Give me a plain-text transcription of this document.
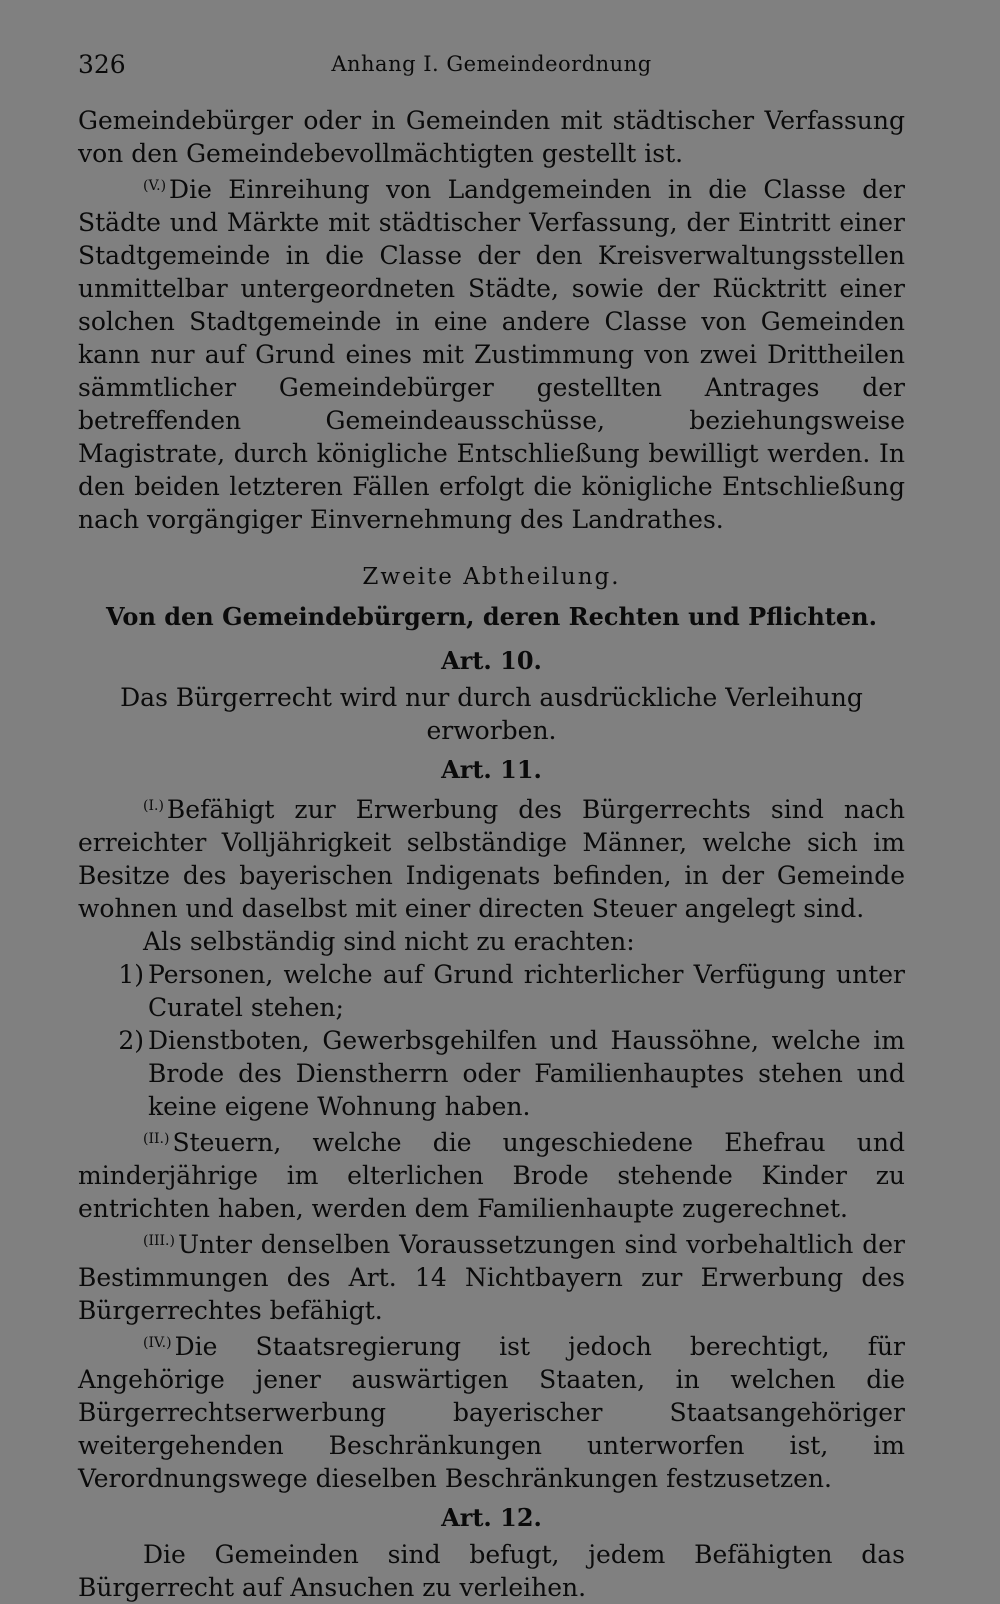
326	Anhang I. Gemeindeordnung

Gemeindebürger oder in Gemeinden mit städtischer Verfassung von den Gemeindebevollmächtigten gestellt ist.

$^{(V.)}$ Die Einreihung von Landgemeinden in die Classe der Städte und Märkte mit städtischer Verfassung, der Eintritt einer Stadtgemeinde in die Classe der den Kreisverwaltungsstellen unmittelbar untergeordneten Städte, sowie der Rücktritt einer solchen Stadtgemeinde in eine andere Classe von Gemeinden kann nur auf Grund eines mit Zustimmung von zwei Drittheilen sämmtlicher Gemeindebürger gestellten Antrages der betreffenden Gemeindeausschüsse, beziehungsweise Magistrate, durch königliche Entschließung bewilligt werden. In den beiden letzteren Fällen erfolgt die königliche Entschließung nach vorgängiger Einvernehmung des Landrathes.

Zweite Abtheilung.
Von den Gemeindebürgern, deren Rechten und Pflichten.
Art. 10.
Das Bürgerrecht wird nur durch ausdrückliche Verleihung erworben.
Art. 11.

$^{(I.)}$ Befähigt zur Erwerbung des Bürgerrechts sind nach erreichter Volljährigkeit selbständige Männer, welche sich im Besitze des bayerischen Indigenats befinden, in der Gemeinde wohnen und daselbst mit einer directen Steuer angelegt sind.

Als selbständig sind nicht zu erachten:

1) Personen, welche auf Grund richterlicher Verfügung unter Curatel stehen;
2) Dienstboten, Gewerbsgehilfen und Haussöhne, welche im Brode des Dienstherrn oder Familienhauptes stehen und keine eigene Wohnung haben.

$^{(II.)}$ Steuern, welche die ungeschiedene Ehefrau und minderjährige im elterlichen Brode stehende Kinder zu entrichten haben, werden dem Familienhaupte zugerechnet.

$^{(III.)}$ Unter denselben Voraussetzungen sind vorbehaltlich der Bestimmungen des Art. 14 Nichtbayern zur Erwerbung des Bürgerrechtes befähigt.

$^{(IV.)}$ Die Staatsregierung ist jedoch berechtigt, für Angehörige jener auswärtigen Staaten, in welchen die Bürgerrechtserwerbung bayerischer Staatsangehöriger weitergehenden Beschränkungen unterworfen ist, im Verordnungswege dieselben Beschränkungen festzusetzen.

Art. 12.

Die Gemeinden sind befugt, jedem Befähigten das Bürgerrecht auf Ansuchen zu verleihen.
